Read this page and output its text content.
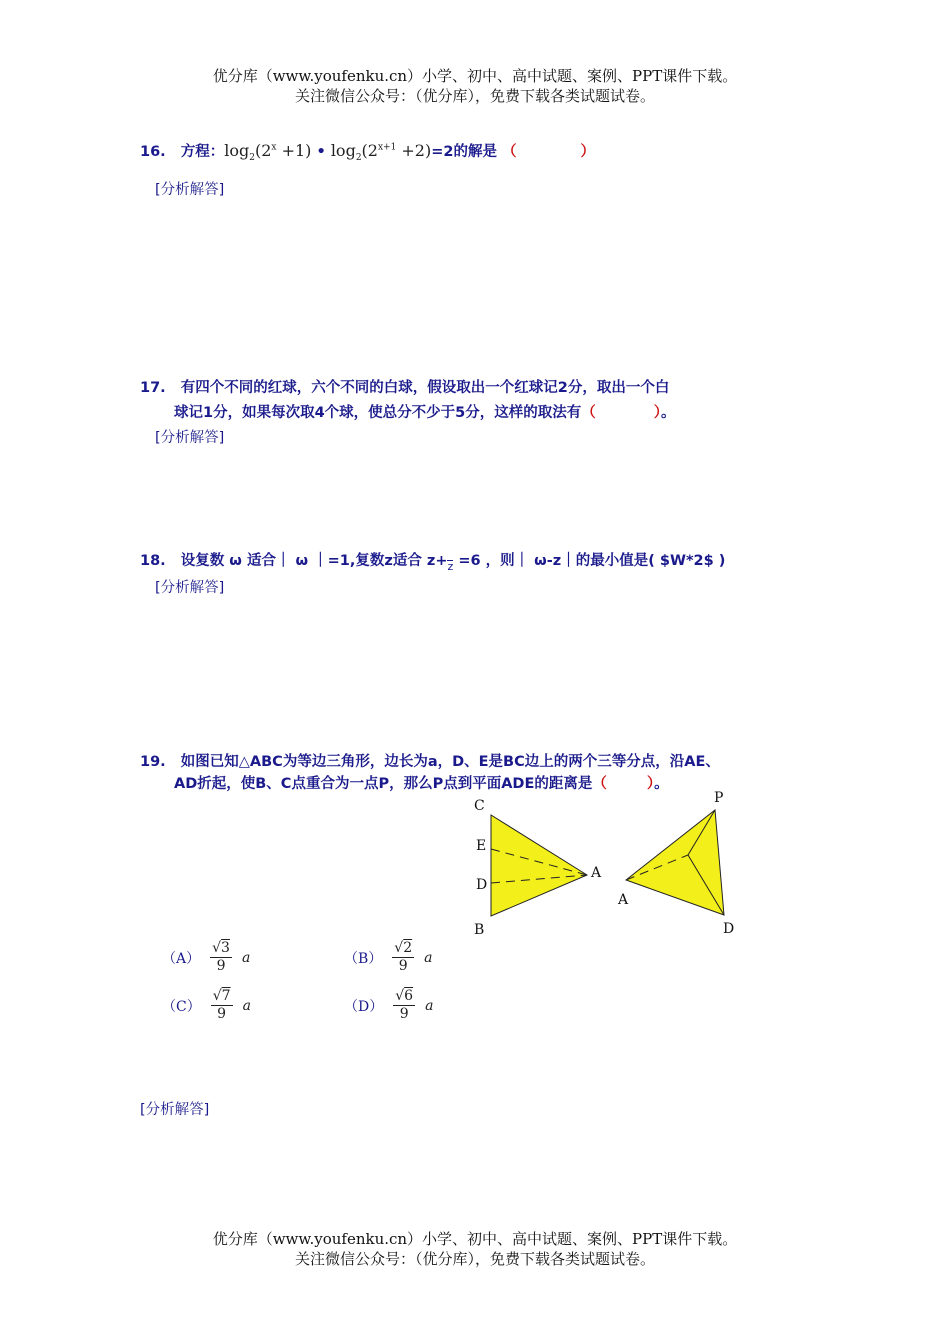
优分库（www.youfenku.cn）小学、初中、高中试题、案例、PPT课件下载。
关注微信公众号：（优分库），免费下载各类试题试卷。
16. 方程：$\log_2(2^x +1)$ • $\log_2(2^{x+1} +2)=2$的解是 （	）
[分析解答]
17. 有四个不同的红球，六个不同的白球，假设取出一个红球记2分，取出一个白
球记1分，如果每次取4个球，使总分不少于5分，这样的取法有（	）。
[分析解答]
18. 设复数 ω 适合｜ ω ｜=1,复数z适合 z+z =6 ，则｜ ω-z｜的最小值是( $W*2$ )
[分析解答]
19. 如图已知△ABC为等边三角形，边长为a，D、E是BC边上的两个三等分点，沿AE、
AD折起，使B、C点重合为一点P，那么P点到平面ADE的距离是（	）。
C
E
D
B
A
P
A
D
$(A) \frac{√3}{9}$ a	$(B) \frac{√2}{9}$ a
$(C) \frac{√7}{9}$ a	$(D) \frac{√6}{9}$ a
[分析解答]
优分库（www.youfenku.cn）小学、初中、高中试题、案例、PPT课件下载。
关注微信公众号：（优分库），免费下载各类试题试卷。
